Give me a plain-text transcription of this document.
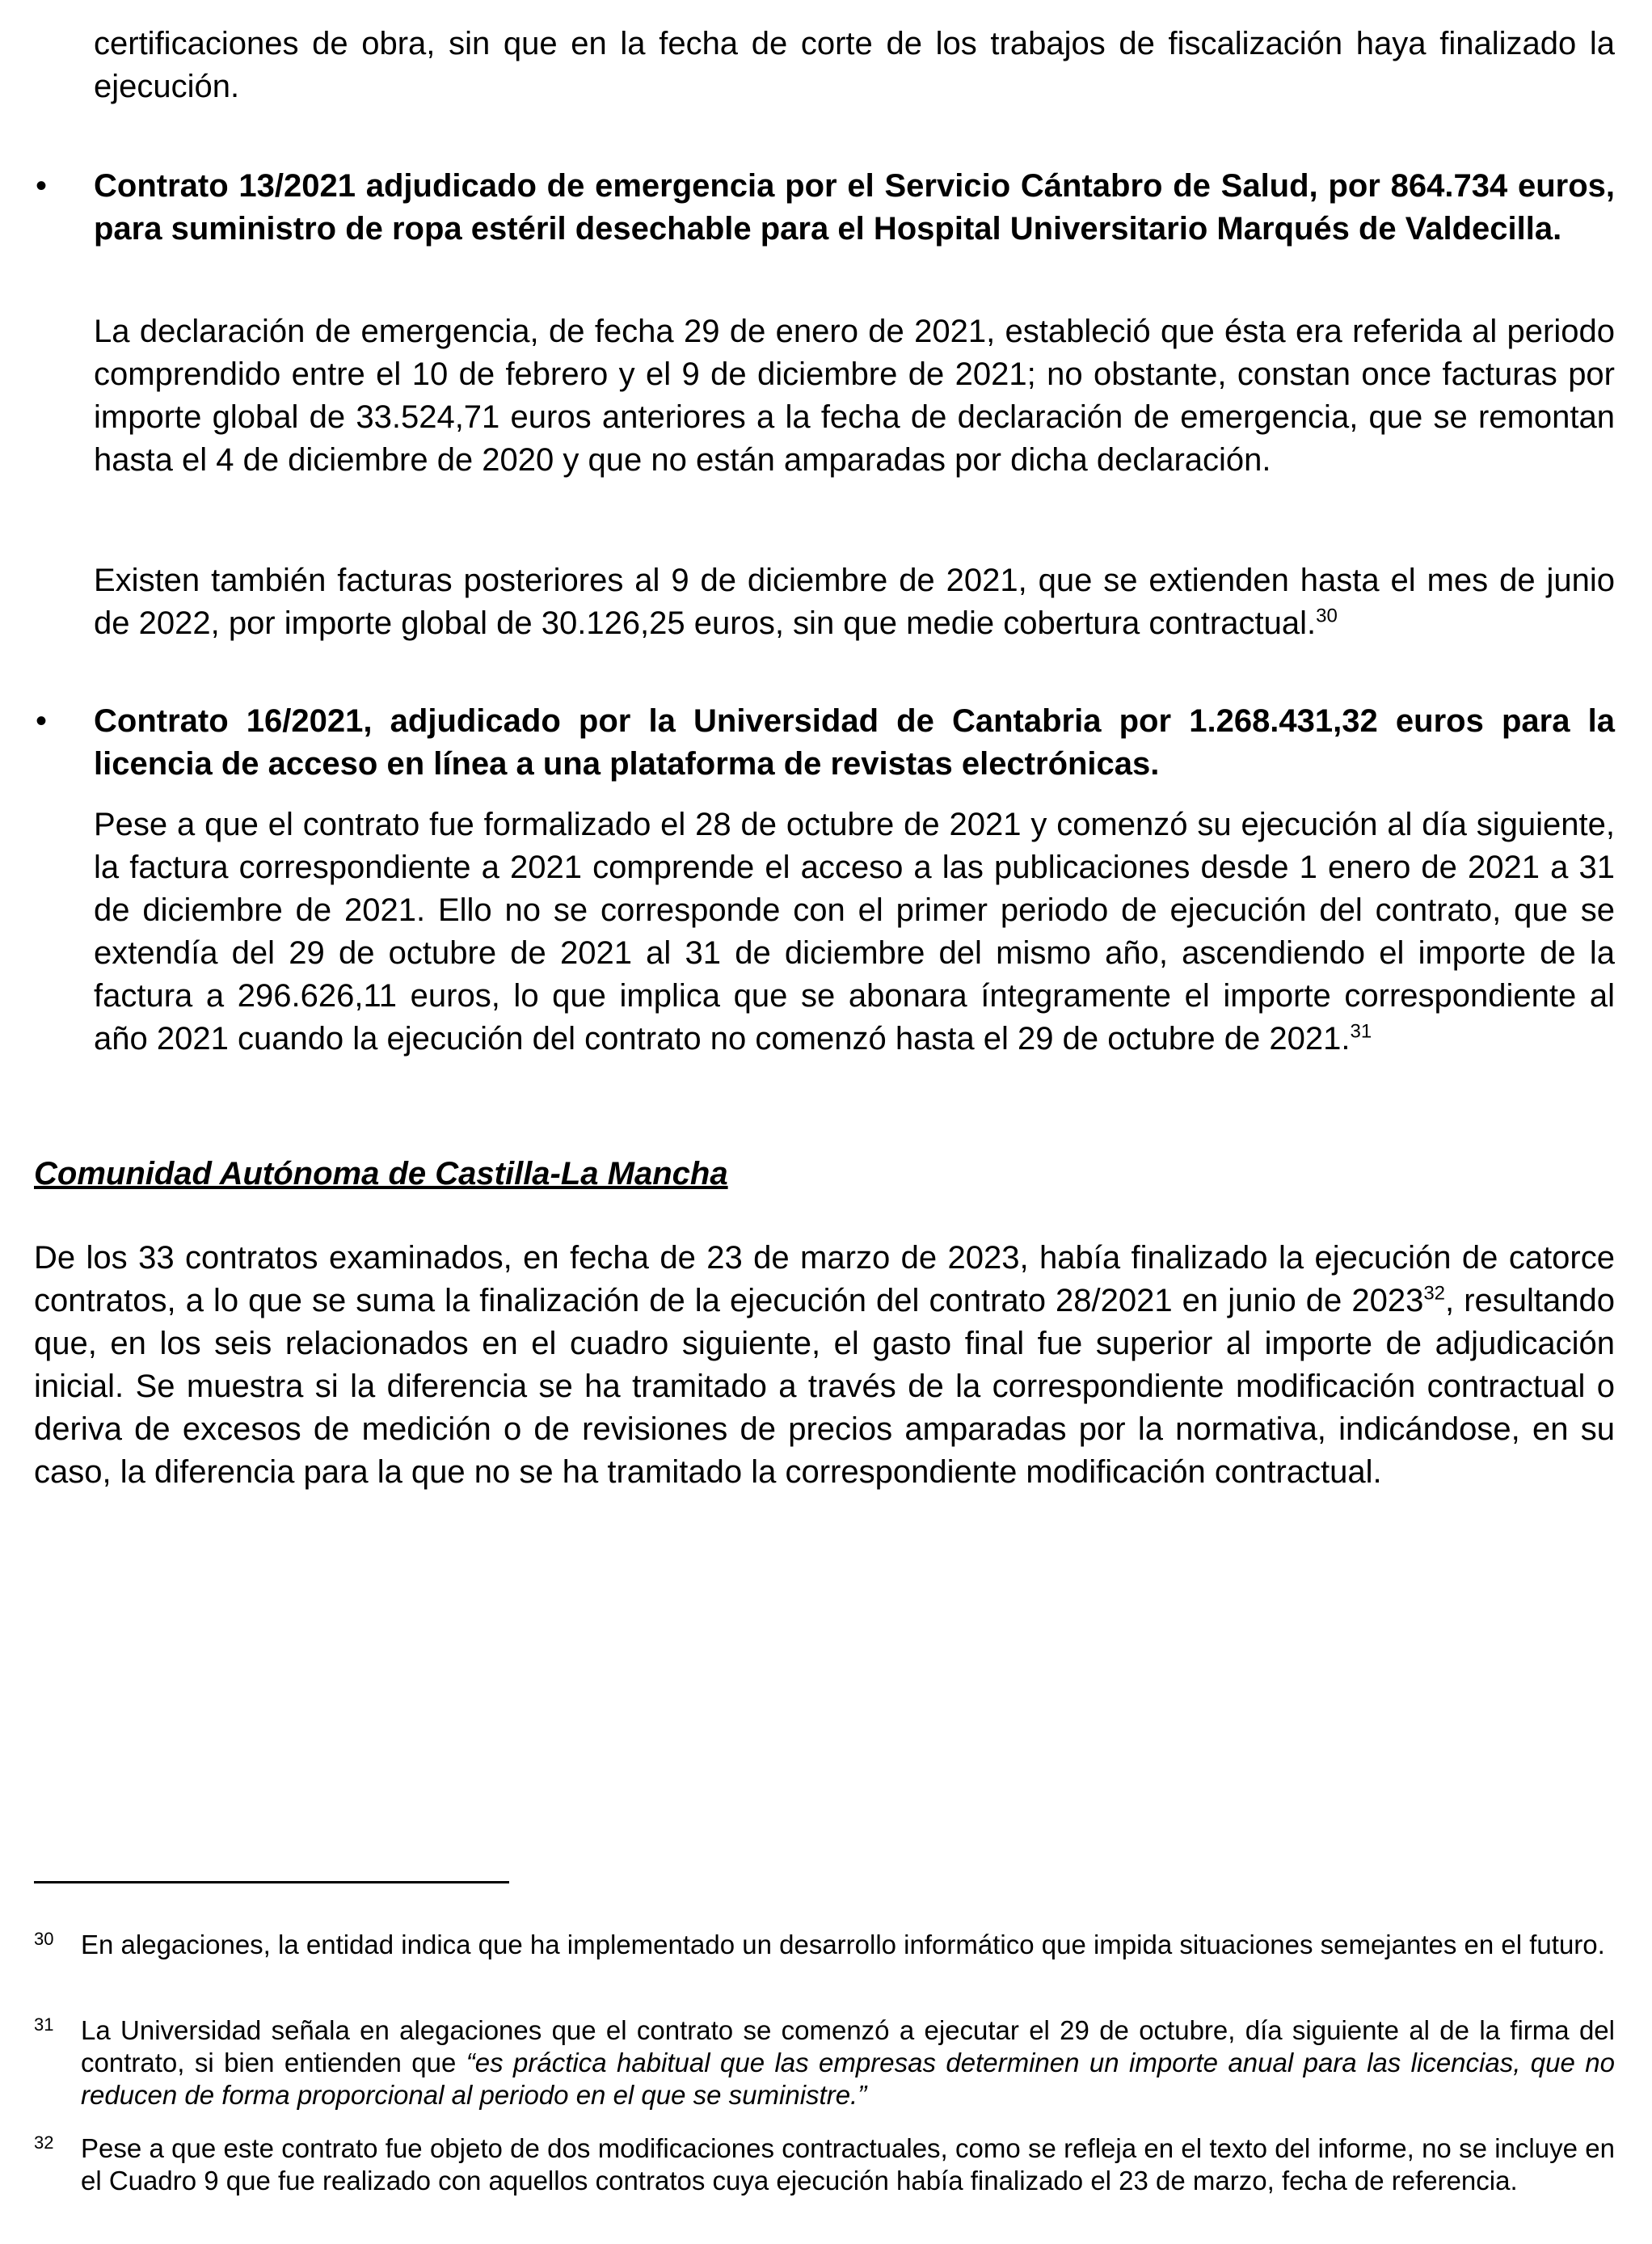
certificaciones de obra, sin que en la fecha de corte de los trabajos de fiscalización haya finalizado la ejecución.

• Contrato 13/2021 adjudicado de emergencia por el Servicio Cántabro de Salud, por 864.734 euros, para suministro de ropa estéril desechable para el Hospital Universitario Marqués de Valdecilla.

La declaración de emergencia, de fecha 29 de enero de 2021, estableció que ésta era referida al periodo comprendido entre el 10 de febrero y el 9 de diciembre de 2021; no obstante, constan once facturas por importe global de 33.524,71 euros anteriores a la fecha de declaración de emergencia, que se remontan hasta el 4 de diciembre de 2020 y que no están amparadas por dicha declaración.

Existen también facturas posteriores al 9 de diciembre de 2021, que se extienden hasta el mes de junio de 2022, por importe global de 30.126,25 euros, sin que medie cobertura contractual.$^{30}$

• Contrato 16/2021, adjudicado por la Universidad de Cantabria por 1.268.431,32 euros para la licencia de acceso en línea a una plataforma de revistas electrónicas.

Pese a que el contrato fue formalizado el 28 de octubre de 2021 y comenzó su ejecución al día siguiente, la factura correspondiente a 2021 comprende el acceso a las publicaciones desde 1 enero de 2021 a 31 de diciembre de 2021. Ello no se corresponde con el primer periodo de ejecución del contrato, que se extendía del 29 de octubre de 2021 al 31 de diciembre del mismo año, ascendiendo el importe de la factura a 296.626,11 euros, lo que implica que se abonara íntegramente el importe correspondiente al año 2021 cuando la ejecución del contrato no comenzó hasta el 29 de octubre de 2021.31

Comunidad Autónoma de Castilla-La Mancha

De los 33 contratos examinados, en fecha de 23 de marzo de 2023, había finalizado la ejecución de catorce contratos, a lo que se suma la finalización de la ejecución del contrato 28/2021 en junio de 2023$^{32}$, resultando que, en los seis relacionados en el cuadro siguiente, el gasto final fue superior al importe de adjudicación inicial. Se muestra si la diferencia se ha tramitado a través de la correspondiente modificación contractual o deriva de excesos de medición o de revisiones de precios amparadas por la normativa, indicándose, en su caso, la diferencia para la que no se ha tramitado la correspondiente modificación contractual.

30 En alegaciones, la entidad indica que ha implementado un desarrollo informático que impida situaciones semejantes en el futuro.

31 La Universidad señala en alegaciones que el contrato se comenzó a ejecutar el 29 de octubre, día siguiente al de la firma del contrato, si bien entienden que “es práctica habitual que las empresas determinen un importe anual para las licencias, que no reducen de forma proporcional al periodo en el que se suministre.”

32 Pese a que este contrato fue objeto de dos modificaciones contractuales, como se refleja en el texto del informe, no se incluye en el Cuadro 9 que fue realizado con aquellos contratos cuya ejecución había finalizado el 23 de marzo, fecha de referencia.
